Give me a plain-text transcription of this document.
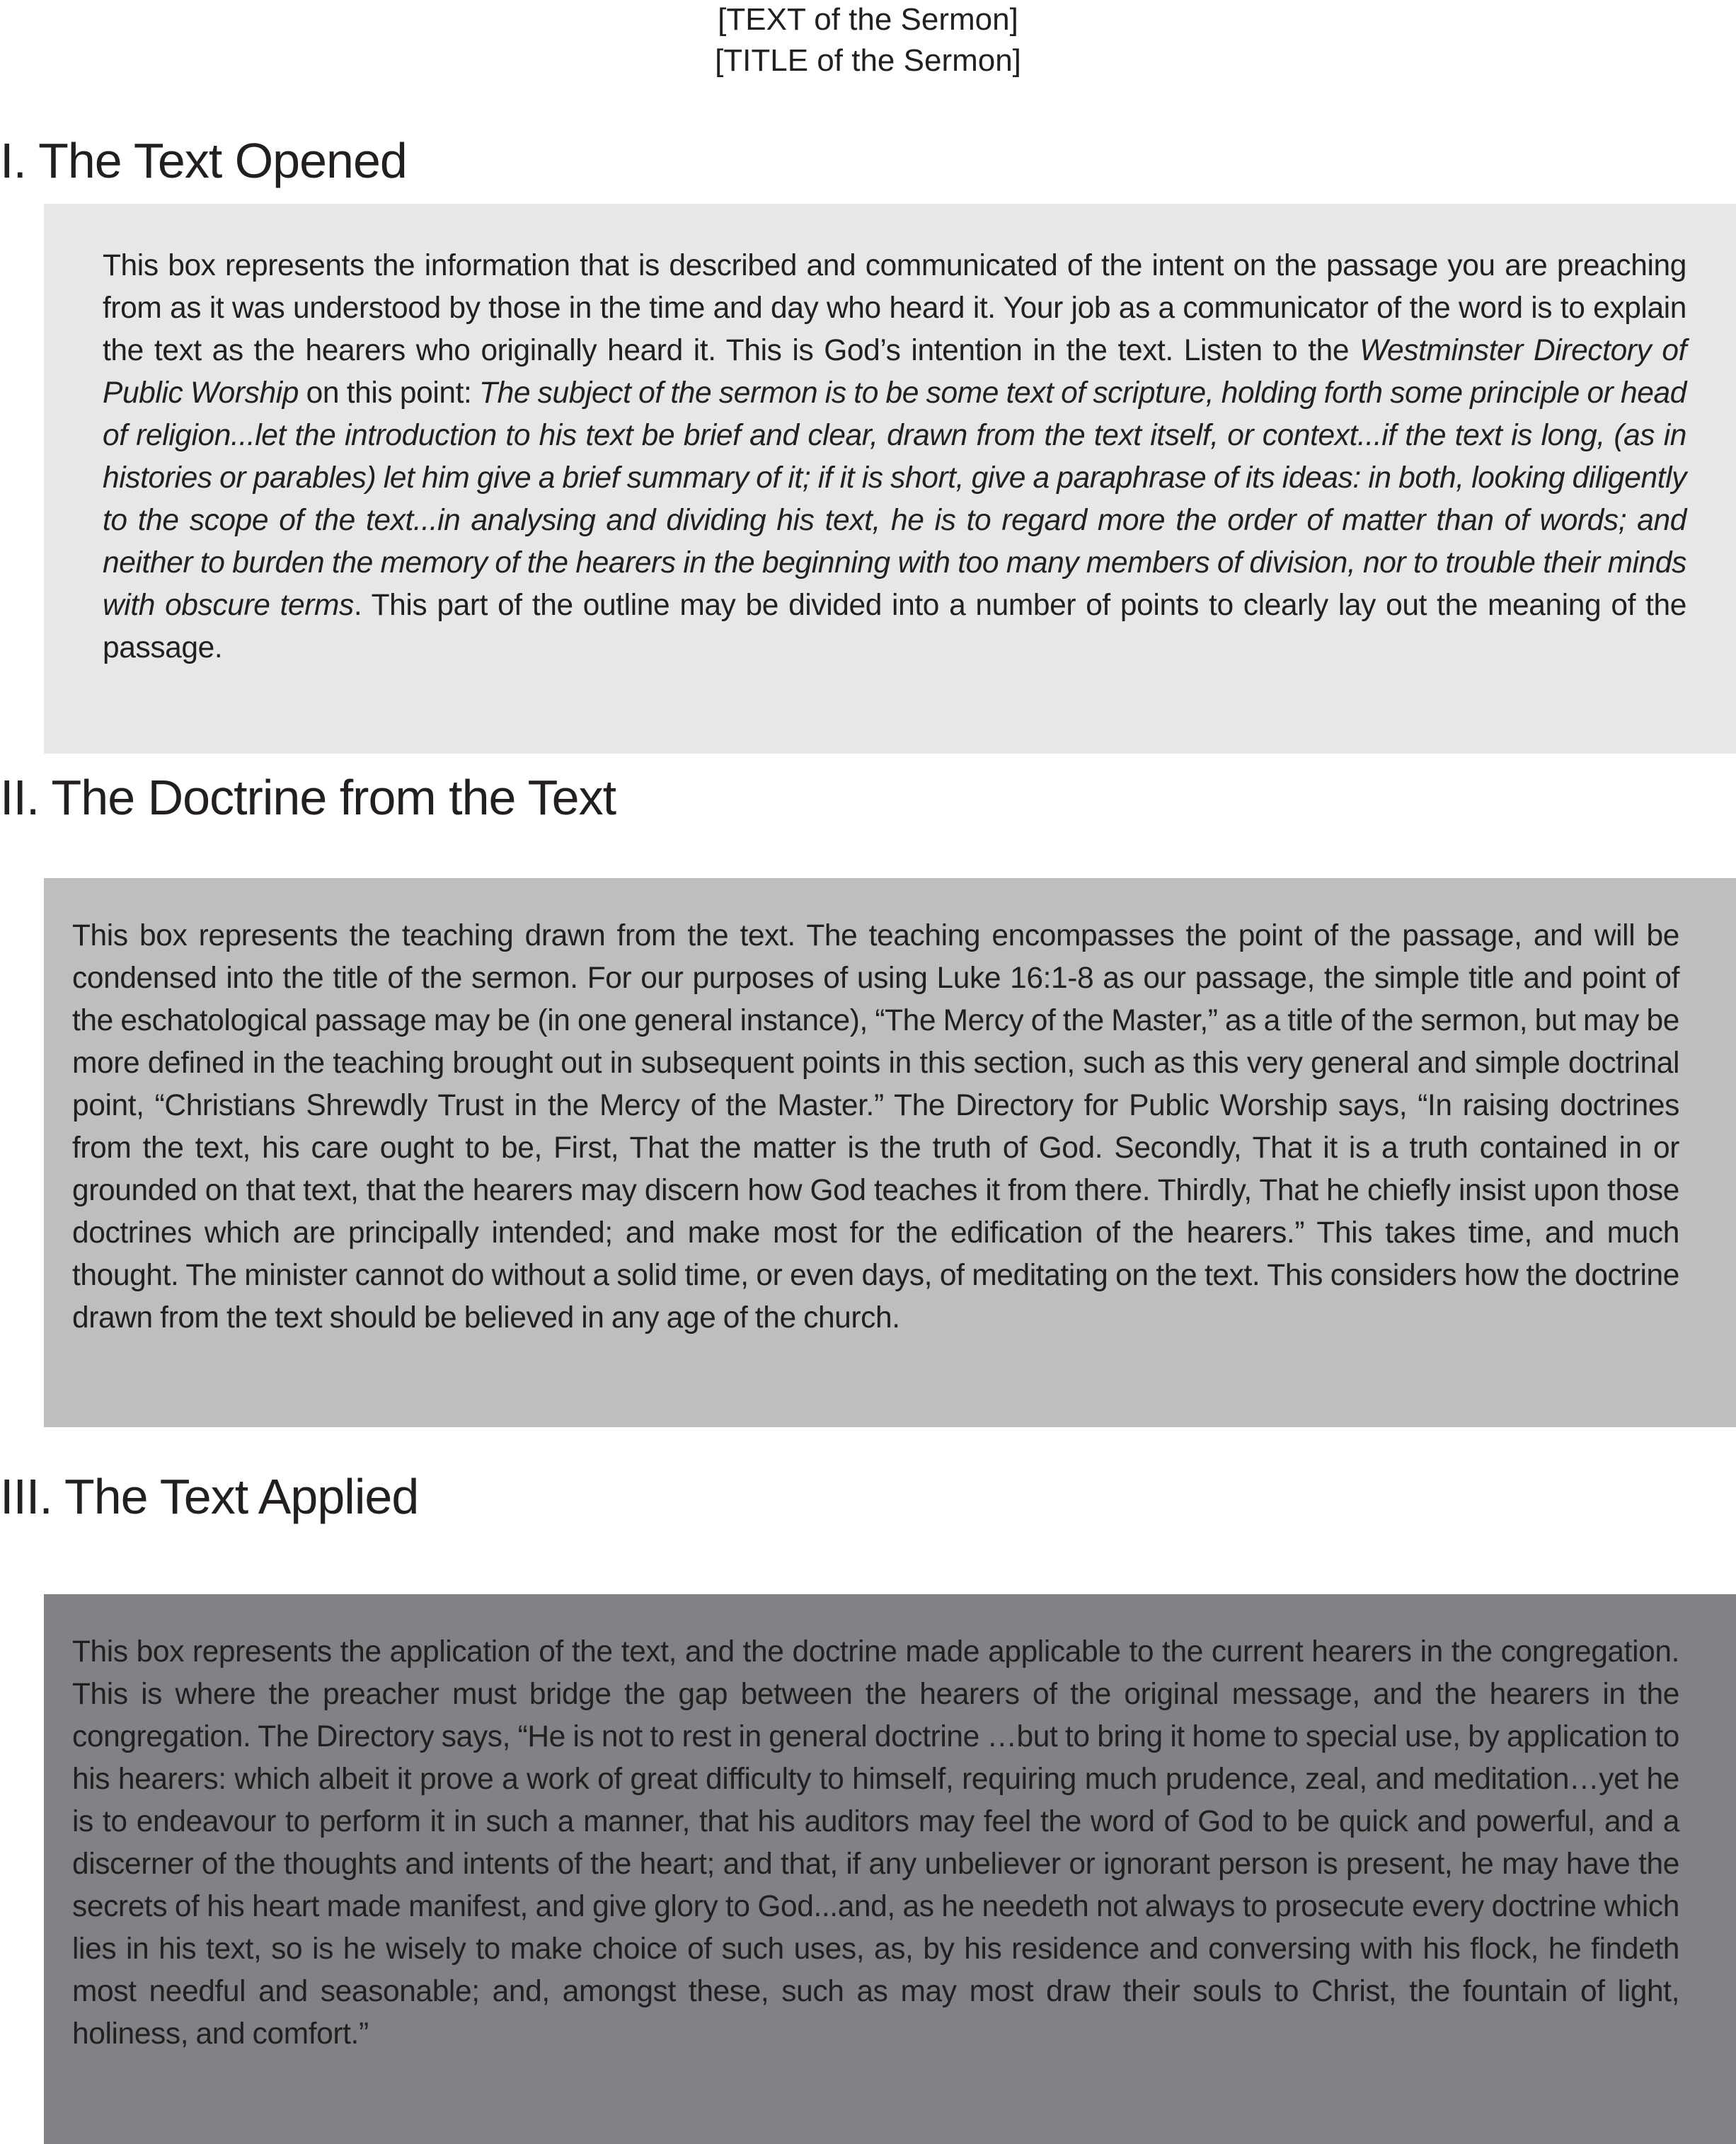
[TEXT of the Sermon]
[TITLE of the Sermon]
I. The Text Opened

This box represents the information that is described and communicated of the intent on the passage you are preaching from as it was understood by those in the time and day who heard it. Your job as a communicator of the word is to explain the text as the hearers who originally heard it. This is God’s intention in the text. Listen to the Westminster Directory of Public Worship on this point: The subject of the sermon is to be some text of scripture, holding forth some principle or head of religion...let the introduction to his text be brief and clear, drawn from the text itself, or context...if the text is long, (as in histories or parables) let him give a brief summary of it; if it is short, give a paraphrase of its ideas: in both, looking diligently to the scope of the text...in analysing and dividing his text, he is to regard more the order of matter than of words; and neither to burden the memory of the hearers in the beginning with too many members of division, nor to trouble their minds with obscure terms. This part of the outline may be divided into a number of points to clearly lay out the meaning of the passage.

II. The Doctrine from the Text

This box represents the teaching drawn from the text. The teaching encompasses the point of the passage, and will be condensed into the title of the sermon. For our purposes of using Luke 16:1-8 as our passage, the simple title and point of the eschatological passage may be (in one general instance), “The Mercy of the Master,” as a title of the sermon, but may be more defined in the teaching brought out in subsequent points in this section, such as this very general and simple doctrinal point, “Christians Shrewdly Trust in the Mercy of the Master.” The Directory for Public Worship says, “In raising doctrines from the text, his care ought to be, First, That the matter is the truth of God. Secondly, That it is a truth contained in or grounded on that text, that the hearers may discern how God teaches it from there. Thirdly, That he chiefly insist upon those doctrines which are principally intended; and make most for the edification of the hearers.” This takes time, and much thought. The minister cannot do without a solid time, or even days, of meditating on the text. This considers how the doctrine drawn from the text should be believed in any age of the church.

III. The Text Applied

This box represents the application of the text, and the doctrine made applicable to the current hearers in the congregation. This is where the preacher must bridge the gap between the hearers of the original message, and the hearers in the congregation. The Directory says, “He is not to rest in general doctrine …but to bring it home to special use, by application to his hearers: which albeit it prove a work of great difficulty to himself, requiring much prudence, zeal, and meditation…yet he is to endeavour to perform it in such a manner, that his auditors may feel the word of God to be quick and powerful, and a discerner of the thoughts and intents of the heart; and that, if any unbeliever or ignorant person is present, he may have the secrets of his heart made manifest, and give glory to God...and, as he needeth not always to prosecute every doctrine which lies in his text, so is he wisely to make choice of such uses, as, by his residence and conversing with his flock, he findeth most needful and seasonable; and, amongst these, such as may most draw their souls to Christ, the fountain of light, holiness, and comfort.”
